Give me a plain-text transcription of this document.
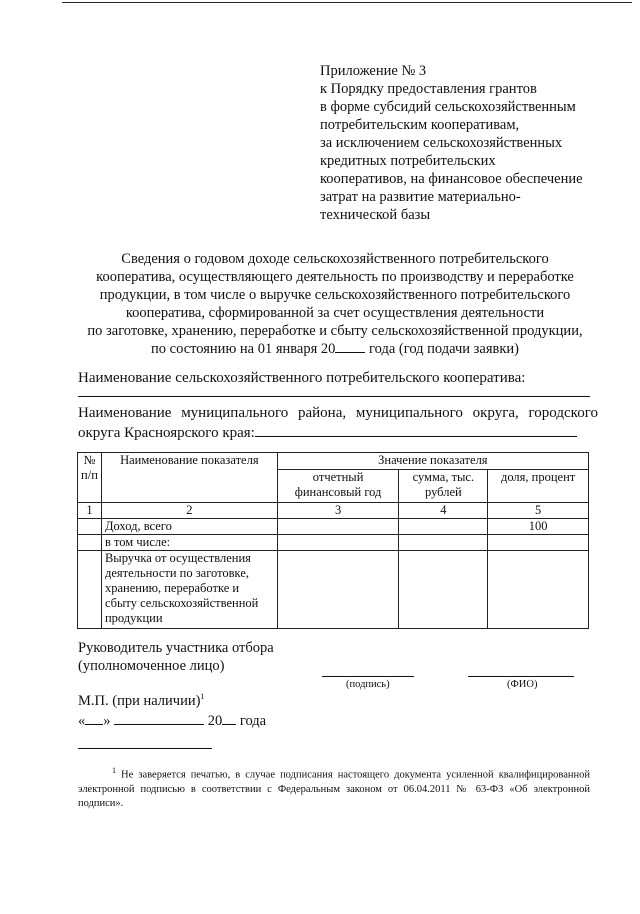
Приложение № 3
к Порядку предоставления грантов
в форме субсидий сельскохозяйственным
потребительским кооперативам,
за исключением сельскохозяйственных
кредитных потребительских
кооперативов, на финансовое обеспечение
затрат на развитие материально-
технической базы
Сведения о годовом доходе сельскохозяйственного потребительского
кооператива, осуществляющего деятельность по производству и переработке
продукции, в том числе о выручке сельскохозяйственного потребительского
кооператива, сформированной за счет осуществления деятельности
по заготовке, хранению, переработке и сбыту сельскохозяйственной продукции,
по состоянию на 01 января 20 года (год подачи заявки)
Наименование сельскохозяйственного потребительского кооператива:
Наименование муниципального района, муниципального округа, городского
округа Красноярского края:
№
п/п	Наименование показателя	Значение показателя		
		отчетный финансовый год	сумма, тыс. рублей	доля, процент
1	2	3	4	5
	Доход, всего			100
	в том числе:			
	Выручка от осуществления деятельности по заготовке, хранению, переработке и сбыту сельскохозяйственной продукции			
Руководитель участника отбора
(уполномоченное лицо)
(подпись)	(ФИО)
М.П. (при наличии)$^1$
« »	20 года
$^1$ Не заверяется печатью, в случае подписания настоящего документа усиленной квалифицированной электронной подписью в соответствии с Федеральным законом от 06.04.2011 № 63-ФЗ «Об электронной подписи».
